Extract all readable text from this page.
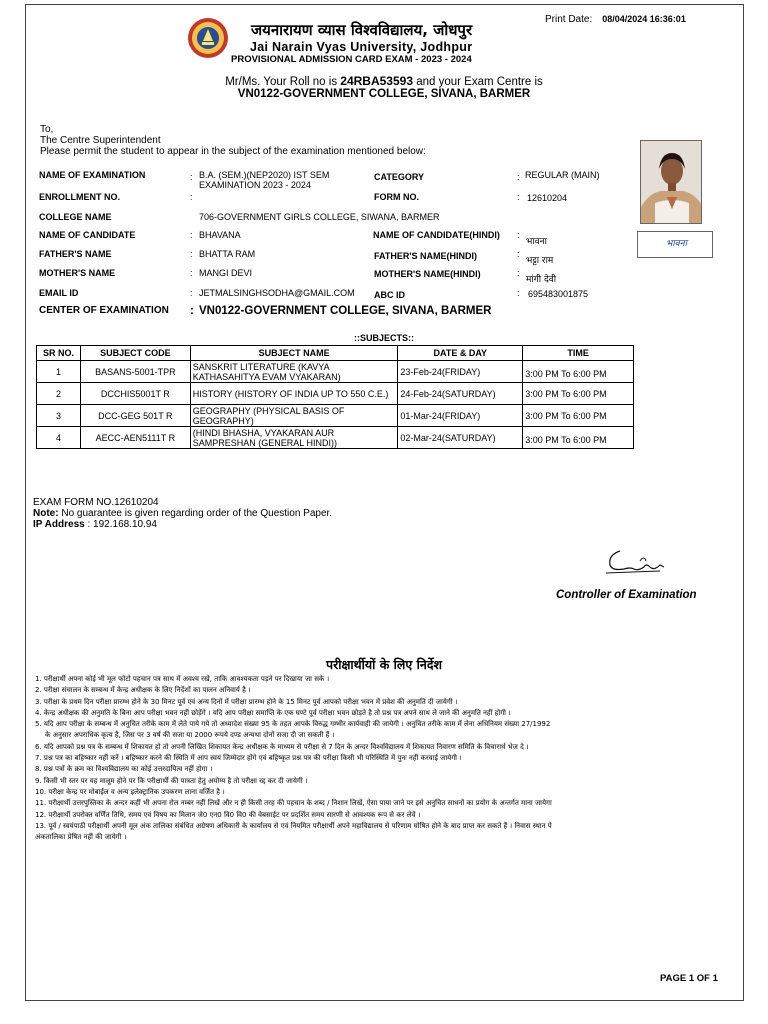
Print Date: 08/04/2024 16:36:01
जयनारायण व्यास विश्वविद्यालय, जोधपुर
Jai Narain Vyas University, Jodhpur
PROVISIONAL ADMISSION CARD EXAM - 2023 - 2024
Mr/Ms. Your Roll no is 24RBA53593 and your Exam Centre is
VN0122-GOVERNMENT COLLEGE, SIVANA, BARMER
To,
The Centre Superintendent
Please permit the student to appear in the subject of the examination mentioned below:
भावना
NAME OF EXAMINATION	: B.A. (SEM.)(NEP2020) IST SEM
EXAMINATION 2023 - 2024
CATEGORY	: REGULAR (MAIN)
ENROLLMENT NO.	:	FORM NO.	: 12610204
COLLEGE NAME	706-GOVERNMENT GIRLS COLLEGE, SIWANA, BARMER
NAME OF CANDIDATE	: BHAVANA	NAME OF CANDIDATE(HINDI) :
भावना
FATHER'S NAME	: BHATTA RAM	FATHER'S NAME(HINDI)	:
भट्टा राम
MOTHER'S NAME	: MANGI DEVI	MOTHER'S NAME(HINDI)	:
मांगी देवी
EMAIL ID	: JETMALSINGHSODHA@GMAIL.COM ABC ID	: 695483001875
CENTER OF EXAMINATION : VN0122-GOVERNMENT COLLEGE, SIVANA, BARMER
::SUBJECTS::
SR NO.	SUBJECT CODE	SUBJECT NAME	DATE & DAY	TIME
1	BASANS-5001-TPR	SANSKRIT LITERATURE (KAVYA
KATHASAHITYA EVAM VYAKARAN)	23-Feb-24(FRIDAY)	3:00 PM To 6:00 PM
2	DCCHIS5001T R	HISTORY (HISTORY OF INDIA UP TO 550 C.E.)	24-Feb-24(SATURDAY)	3:00 PM To 6:00 PM
3	DCC-GEG 501T R	GEOGRAPHY (PHYSICAL BASIS OF
GEOGRAPHY)	01-Mar-24(FRIDAY)	3:00 PM To 6:00 PM
4	AECC-AEN5111T R	(HINDI BHASHA, VYAKARAN AUR
SAMPRESHAN (GENERAL HINDI))	02-Mar-24(SATURDAY)	3:00 PM To 6:00 PM
EXAM FORM NO.12610204
Note: No guarantee is given regarding order of the Question Paper.
IP Address : 192.168.10.94
Controller of Examination
परीक्षार्थीयों के लिए निर्देश
1. परीक्षार्थी अपना कोई भी मूल फोटो पहचान पत्र साथ में अवश्य रखे, ताकि आवश्यकता पड़ने पर दिखाया जा सके ।
2. परीक्षा संचालन के सम्बन्ध में केन्द्र अधीक्षक के लिए निर्देशों का पालन अनिवार्य है ।
3. परीक्षा के प्रथम दिन परीक्षा प्रारम्भ होने के 30 मिनट पूर्व एवं अन्य दिनों में परीक्षा प्रारम्भ होने के 15 मिनट पूर्व आपको परीक्षा भवन में प्रवेश की अनुमति दी जायेगी ।
4. केन्द्र अधीक्षक की अनुमति के बिना आप परीक्षा भवन नहीं छोड़ेंगे । यदि आप परीक्षा समाप्ति के एक घण्टे पूर्व परीक्षा भवन छोड़ते है तो प्रश्न पत्र अपने साथ ले जाने की अनुमति नहीं होगी ।
5. यदि आप परीक्षा के सम्बन्ध में अनुचित तरीके काम में लेते पाये गये तो अध्यादेश संख्या 95 के तहत आपके विरुद्ध गम्भीर कार्यवाही की जायेगी । अनुचित तरीके काम में लेना अधिनियम संख्या 27/1992
के अनुसार अपराधिक कृत्य है, जिस पर 3 वर्ष की सजा या 2000 रूपये दण्ड अन्यथा दोनों सजा दी जा सकती हैं ।
6. यदि आपको प्रश्न पत्र के सम्बन्ध में शिकायत हो तो अपनी लिखित शिकायत केन्द्र अधीक्षक के माध्यम से परीक्षा से 7 दिन के अन्दर विश्वविद्यालय में शिकायत निवारण समिति के विचारार्थ भेज दे ।
7. प्रश्न पत्र का बहिष्कार नहीं करें । बहिष्कार करने की स्थिति में आप स्वयं जिम्मेदार होंगे एवं बहिष्कृत प्रश्न पत्र की परीक्षा किसी भी परिस्थिति में पुनः नहीं करवाई जायेगी ।
8. प्रश्न पत्रों के क्रम का विश्वविद्यालय का कोई उत्तरदायित्व नहीं होगा ।
9. किसी भी स्तर पर यह मालूम होने पर कि परीक्षार्थी की पात्रता हेतु अयोग्य है तो परीक्षा रद्द कर दी जायेगी ।
10. परीक्षा केन्द्र पर मोबाईल व अन्य इलेक्ट्रानिक उपकरण लाना वर्जित है ।
11. परीक्षार्थी उत्तरपुस्तिका के अन्दर कहीं भी अपना रोल नम्बर नहीं लिखें और न ही किसी तरह की पहचान के शब्द / निशान लिखें, ऐसा पाया जाने पर इसे अनुचित साधनों का प्रयोग के अन्तर्गत माना जायेगा
12. परीक्षार्थी उपरोक्त वर्णित तिथि, समय एवं विषय का मिलान जे0 एन0 वि0 वि0 की वेबसाईट पर प्रदर्शित समय सारणी से आवश्यक रूप से कर लेवें ।
13. पूर्व / स्वयंपाठी परीक्षार्थी अपनी मूल अंक तालिका संबंधित अग्रेषण अधिकारी के कार्यालय से एवं नियमित परीक्षार्थी अपने महाविद्यालय से परिणाम घोषित होने के बाद प्राप्त कर सकते हैं । निवास स्थान पे
अंकतालिका प्रेषित नहीं की जायेगी ।
PAGE 1 OF 1
